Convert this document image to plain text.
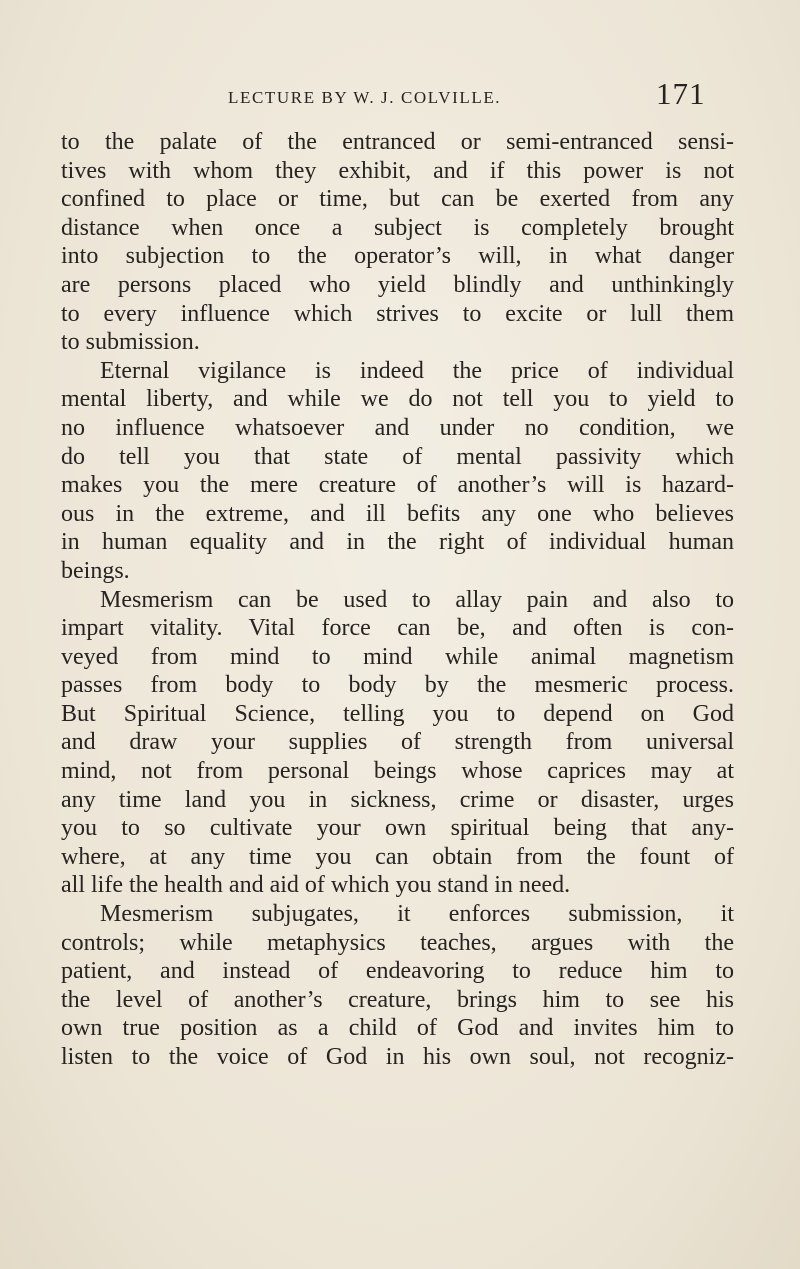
LECTURE BY W. J. COLVILLE.	171
to the palate of the entranced or semi-entranced sensi-
tives with whom they exhibit, and if this power is not
confined to place or time, but can be exerted from any
distance when once a subject is completely brought
into subjection to the operator’s will, in what danger
are persons placed who yield blindly and unthinkingly
to every influence which strives to excite or lull them
to submission.
Eternal vigilance is indeed the price of individual
mental liberty, and while we do not tell you to yield to
no influence whatsoever and under no condition, we
do tell you that state of mental passivity which
makes you the mere creature of another’s will is hazard-
ous in the extreme, and ill befits any one who believes
in human equality and in the right of individual human
beings.
Mesmerism can be used to allay pain and also to
impart vitality. Vital force can be, and often is con-
veyed from mind to mind while animal magnetism
passes from body to body by the mesmeric process.
But Spiritual Science, telling you to depend on God
and draw your supplies of strength from universal
mind, not from personal beings whose caprices may at
any time land you in sickness, crime or disaster, urges
you to so cultivate your own spiritual being that any-
where, at any time you can obtain from the fount of
all life the health and aid of which you stand in need.
Mesmerism subjugates, it enforces submission, it
controls; while metaphysics teaches, argues with the
patient, and instead of endeavoring to reduce him to
the level of another’s creature, brings him to see his
own true position as a child of God and invites him to
listen to the voice of God in his own soul, not recogniz-
